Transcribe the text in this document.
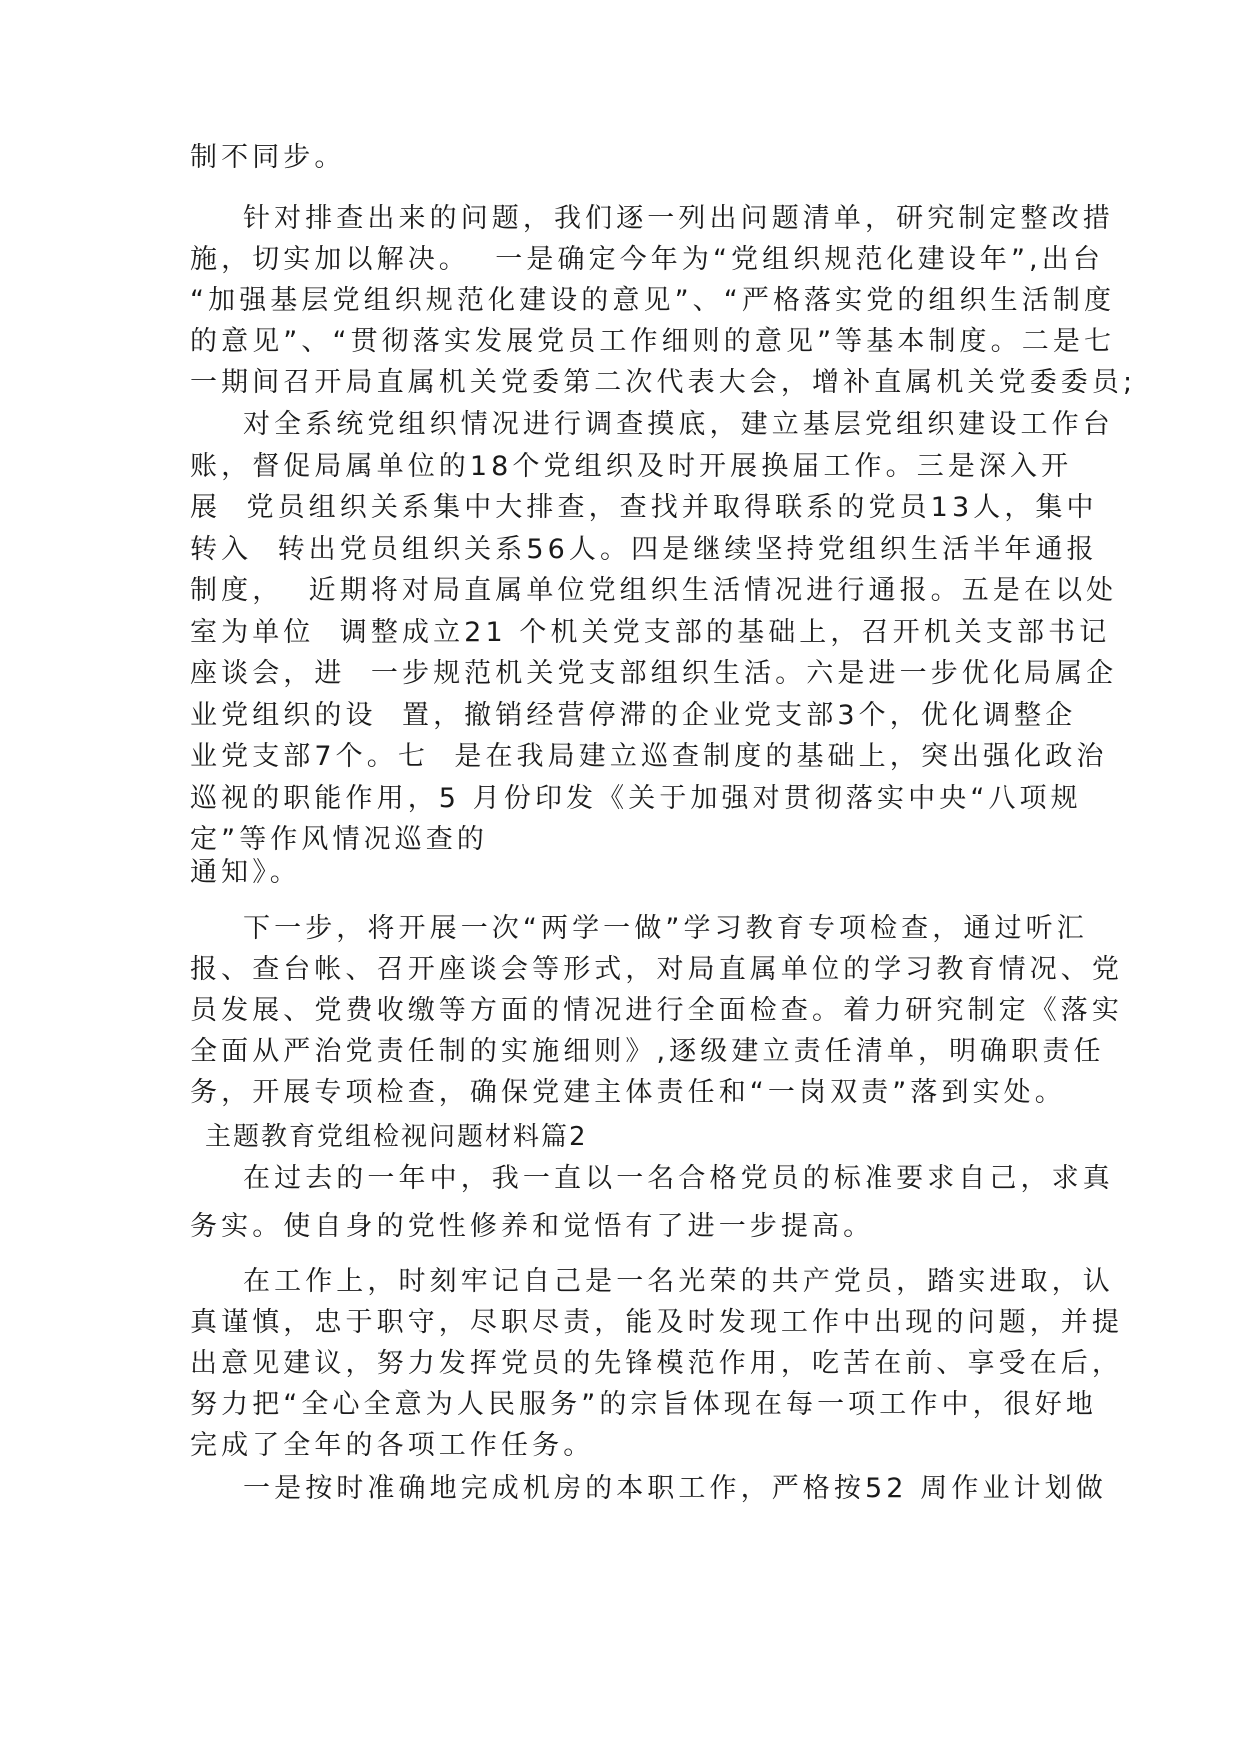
制不同步。
针对排查出来的问题，我们逐一列出问题清单，研究制定整改措
施，切实加以解决。  一是确定今年为“党组织规范化建设年”,出台
“加强基层党组织规范化建设的意见”、“严格落实党的组织生活制度
的意见”、“贯彻落实发展党员工作细则的意见”等基本制度。二是七
一期间召开局直属机关党委第二次代表大会，增补直属机关党委委员;
对全系统党组织情况进行调查摸底，建立基层党组织建设工作台
账，督促局属单位的18个党组织及时开展换届工作。三是深入开
展  党员组织关系集中大排查，查找并取得联系的党员13人，集中
转入  转出党员组织关系56人。四是继续坚持党组织生活半年通报
制度，  近期将对局直属单位党组织生活情况进行通报。五是在以处
室为单位  调整成立21 个机关党支部的基础上，召开机关支部书记
座谈会，进  一步规范机关党支部组织生活。六是进一步优化局属企
业党组织的设  置，撤销经营停滞的企业党支部3个，优化调整企
业党支部7个。七  是在我局建立巡查制度的基础上，突出强化政治
巡视的职能作用，5 月份印发《关于加强对贯彻落实中央“八项规
定”等作风情况巡查的
通知》。
下一步，将开展一次“两学一做”学习教育专项检查，通过听汇
报、查台帐、召开座谈会等形式，对局直属单位的学习教育情况、党
员发展、党费收缴等方面的情况进行全面检查。着力研究制定《落实
全面从严治党责任制的实施细则》,逐级建立责任清单，明确职责任
务，开展专项检查，确保党建主体责任和“一岗双责”落到实处。
主题教育党组检视问题材料篇2
在过去的一年中，我一直以一名合格党员的标准要求自己，求真
务实。使自身的党性修养和觉悟有了进一步提高。
在工作上，时刻牢记自己是一名光荣的共产党员，踏实进取，认
真谨慎，忠于职守，尽职尽责，能及时发现工作中出现的问题，并提
出意见建议，努力发挥党员的先锋模范作用，吃苦在前、享受在后，
努力把“全心全意为人民服务”的宗旨体现在每一项工作中，很好地
完成了全年的各项工作任务。
一是按时准确地完成机房的本职工作，严格按52 周作业计划做
